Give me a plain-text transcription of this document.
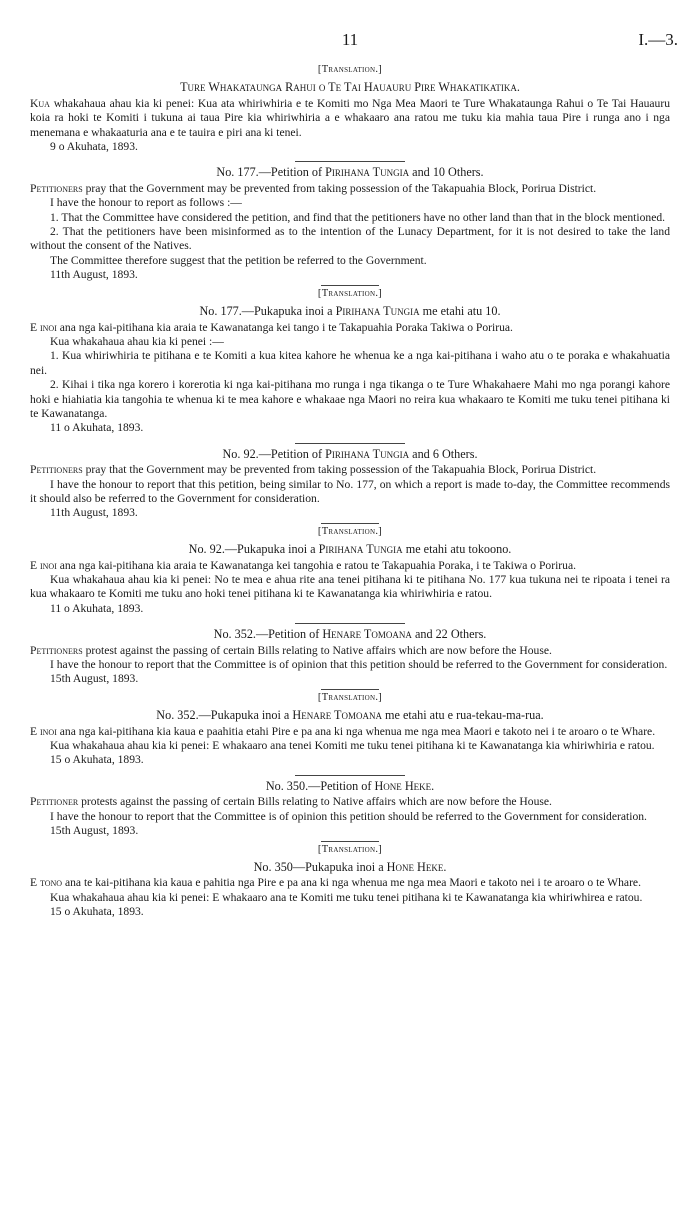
11	I.—3.

[Translation.]

Ture Whakataunga Rahui o Te Tai Hauauru Pire Whakatikatika.

Kua whakahaua ahau kia ki penei: Kua ata whiriwhiria e te Komiti mo Nga Mea Maori te Ture Whakataunga Rahui o Te Tai Hauauru koia ra hoki te Komiti i tukuna ai taua Pire kia whiriwhiria a e whakaaro ana ratou me tuku kia mahia taua Pire i runga ano i nga menemana e whakaaturia ana e te tauira e piri ana ki tenei.

9 o Akuhata, 1893.

No. 177.—Petition of Pirihana Tungia and 10 Others.

Petitioners pray that the Government may be prevented from taking possession of the Takapuahia Block, Porirua District.

I have the honour to report as follows :—

1. That the Committee have considered the petition, and find that the petitioners have no other land than that in the block mentioned.

2. That the petitioners have been misinformed as to the intention of the Lunacy Department, for it is not desired to take the land without the consent of the Natives.

The Committee therefore suggest that the petition be referred to the Government.

11th August, 1893.

[Translation.]

No. 177.—Pukapuka inoi a Pirihana Tungia me etahi atu 10.

E inoi ana nga kai-pitihana kia araia te Kawanatanga kei tango i te Takapuahia Poraka Takiwa o Porirua.

Kua whakahaua ahau kia ki penei :—

1. Kua whiriwhiria te pitihana e te Komiti a kua kitea kahore he whenua ke a nga kai-pitihana i waho atu o te poraka e whakahuatia nei.

2. Kihai i tika nga korero i korerotia ki nga kai-pitihana mo runga i nga tikanga o te Ture Whakahaere Mahi mo nga porangi kahore hoki e hiahiatia kia tangohia te whenua ki te mea kahore e whakaae nga Maori no reira kua whakaaro te Komiti me tuku tenei pitihana ki te Kawanatanga.

11 o Akuhata, 1893.

No. 92.—Petition of Pirihana Tungia and 6 Others.

Petitioners pray that the Government may be prevented from taking possession of the Takapuahia Block, Porirua District.

I have the honour to report that this petition, being similar to No. 177, on which a report is made to-day, the Committee recommends it should also be referred to the Government for consideration.

11th August, 1893.

[Translation.]

No. 92.—Pukapuka inoi a Pirihana Tungia me etahi atu tokoono.

E inoi ana nga kai-pitihana kia araia te Kawanatanga kei tangohia e ratou te Takapuahia Poraka, i te Takiwa o Porirua.

Kua whakahaua ahau kia ki penei: No te mea e ahua rite ana tenei pitihana ki te pitihana No. 177 kua tukuna nei te ripoata i tenei ra kua whakaaro te Komiti me tuku ano hoki tenei pitihana ki te Kawanatanga kia whiriwhiria e ratou.

11 o Akuhata, 1893.

No. 352.—Petition of Henare Tomoana and 22 Others.

Petitioners protest against the passing of certain Bills relating to Native affairs which are now before the House.

I have the honour to report that the Committee is of opinion that this petition should be referred to the Government for consideration.

15th August, 1893.

[Translation.]

No. 352.—Pukapuka inoi a Henare Tomoana me etahi atu e rua-tekau-ma-rua.

E inoi ana nga kai-pitihana kia kaua e paahitia etahi Pire e pa ana ki nga whenua me nga mea Maori e takoto nei i te aroaro o te Whare.

Kua whakahaua ahau kia ki penei: E whakaaro ana tenei Komiti me tuku tenei pitihana ki te Kawanatanga kia whiriwhiria e ratou.

15 o Akuhata, 1893.

No. 350.—Petition of Hone Heke.

Petitioner protests against the passing of certain Bills relating to Native affairs which are now before the House.

I have the honour to report that the Committee is of opinion this petition should be referred to the Government for consideration.

15th August, 1893.

[Translation.]

No. 350—Pukapuka inoi a Hone Heke.

E tono ana te kai-pitihana kia kaua e pahitia nga Pire e pa ana ki nga whenua me nga mea Maori e takoto nei i te aroaro o te Whare.

Kua whakahaua ahau kia ki penei: E whakaaro ana te Komiti me tuku tenei pitihana ki te Kawanatanga kia whiriwhirea e ratou.

15 o Akuhata, 1893.
